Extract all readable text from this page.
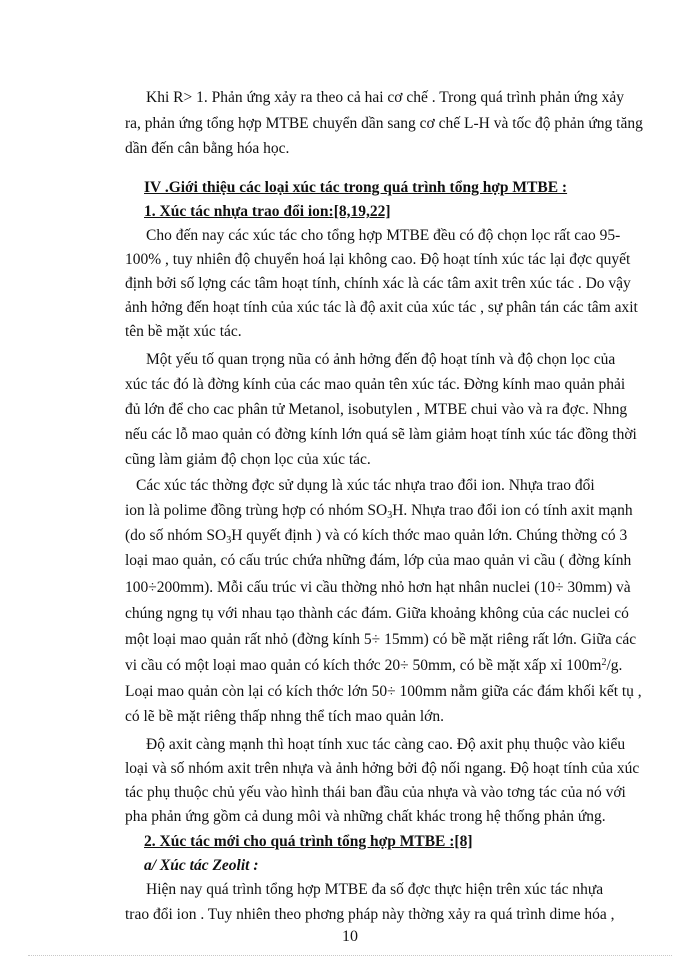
Khi R> 1. Phản ứng xảy ra theo cả hai cơ chế . Trong quá trình phản ứng xảy
ra, phản ứng tổng hợp MTBE chuyển dần sang cơ chế L-H và tốc độ phản ứng tăng
dần đến cân bằng hóa học.
IV .Giới thiệu các loại xúc tác trong quá trình tổng hợp MTBE :
1. Xúc tác nhựa trao đổi ion:[8,19,22]
Cho đến nay các xúc tác cho tổng hợp MTBE đều có độ chọn lọc rất cao 95-
100% , tuy nhiên độ chuyển hoá lại không cao. Độ hoạt tính xúc tác lại đợc quyết
định bởi số lợng các tâm hoạt tính, chính xác là các tâm axit trên xúc tác . Do vậy
ảnh hởng đến hoạt tính của xúc tác là độ axit của xúc tác , sự phân tán các tâm axit
tên bề mặt xúc tác.
Một yếu tố quan trọng nũa có ảnh hởng đến độ hoạt tính và độ chọn lọc của
xúc tác đó là đờng kính của các mao quản tên xúc tác. Đờng kính mao quản phải
đủ lớn để cho cac phân tử Metanol, isobutylen , MTBE chui vào và ra đợc. Nhng
nếu các lỗ mao quản có đờng kính lớn quá sẽ làm giảm hoạt tính xúc tác đồng thời
cũng làm giảm độ chọn lọc của xúc tác.
Các xúc tác thờng đợc sử dụng là xúc tác nhựa trao đổi ion. Nhựa trao đổi
ion là polime đồng trùng hợp có nhóm $SO_3H$. Nhựa trao đổi ion có tính axit mạnh
(do số nhóm $SO_3H$ quyết định ) và có kích thớc mao quản lớn. Chúng thờng có 3
loại mao quản, có cấu trúc chứa những đám, lớp của mao quản vi cầu ( đờng kính
100÷200mm). Mỗi cấu trúc vi cầu thờng nhỏ hơn hạt nhân nuclei (10÷ 30mm) và
chúng ngng tụ với nhau tạo thành các đám. Giữa khoảng không của các nuclei có
một loại mao quản rất nhỏ (đờng kính 5÷ 15mm) có bề mặt riêng rất lớn. Giữa các
vi cầu có một loại mao quản có kích thớc 20÷ 50mm, có bề mặt xấp xỉ $100m^2/g$.
Loại mao quản còn lại có kích thớc lớn 50÷ 100mm nằm giữa các đám khối kết tụ ,
có lẽ bề mặt riêng thấp nhng thể tích mao quản lớn.
Độ axit càng mạnh thì hoạt tính xuc tác càng cao. Độ axit phụ thuộc vào kiểu
loại và số nhóm axit trên nhựa và ảnh hởng bởi độ nối ngang. Độ hoạt tính của xúc
tác phụ thuộc chủ yếu vào hình thái ban đầu của nhựa và vào tơng tác của nó với
pha phản ứng gồm cả dung môi và những chất khác trong hệ thống phản ứng.
2. Xúc tác mới cho quá trình tổng hợp MTBE :[8]
a/ Xúc tác Zeolit :
Hiện nay quá trình tổng hợp MTBE đa số đợc thực hiện trên xúc tác nhựa
trao đổi ion . Tuy nhiên theo phơng pháp này thờng xảy ra quá trình dime hóa ,
10
